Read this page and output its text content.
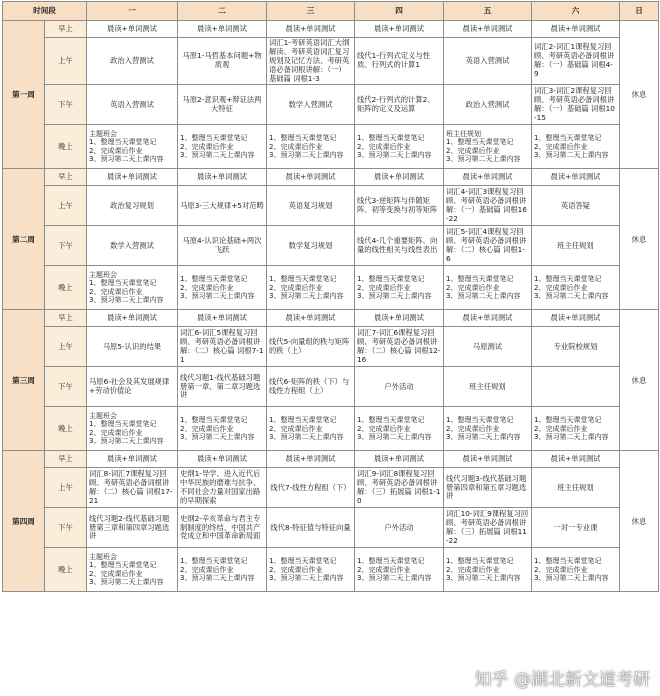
时间段		一	二	三	四	五	六	日
第一周	早上	晨读+单词测试	晨读+单词测试	晨读+单词测试	晨读+单词测试	晨读+单词测试	晨读+单词测试	休息
	上午	政治入营测试	马原1-马哲基本问题+物质观	词汇1-考研英语词汇大纲解读、考研英语词汇复习规划及记忆方法、考研英语必备词根讲解：（一）基础篇 词根1-3	线代1-行列式定义与性质、行列式的计算1	英语入营测试	词汇2-词汇1课程复习回顾、考研英语必备词根讲解：（一）基础篇 词根4-9	
	下午	英语入营测试	马原2-意识观+辩证法两大特征	数学入营测试	线代2-行列式的计算2、矩阵的定义及运算	政治入营测试	词汇3-词汇2课程复习回顾、考研英语必备词根讲解：（一）基础篇 词根10-15	
	晚上	主题班会
1、整理当天课堂笔记
2、完成课后作业
3、预习第二天上课内容	1、整理当天课堂笔记
2、完成课后作业
3、预习第二天上课内容	1、整理当天课堂笔记
2、完成课后作业
3、预习第二天上课内容	1、整理当天课堂笔记
2、完成课后作业
3、预习第二天上课内容	班主任规划
1、整理当天课堂笔记
2、完成课后作业
3、预习第二天上课内容	1、整理当天课堂笔记
2、完成课后作业
3、预习第二天上课内容	
第二周	早上	晨读+单词测试	晨读+单词测试	晨读+单词测试	晨读+单词测试	晨读+单词测试	晨读+单词测试	休息
	上午	政治复习规划	马原3-三大规律+5对范畴	英语复习规划	线代3-逆矩阵与伴随矩阵、初等变换与初等矩阵	词汇4-词汇3课程复习回顾、考研英语必备词根讲解：（一）基础篇 词根16-22	英语答疑	
	下午	数学入营测试	马原4-认识论基础+两次飞跃	数学复习规划	线代4-几个重要矩阵、向量的线性相关与线性表出	词汇5-词汇4课程复习回顾、考研英语必备词根讲解：（二）核心篇 词根1-6	班主任规划	
	晚上	主题班会
1、整理当天课堂笔记
2、完成课后作业
3、预习第二天上课内容	1、整理当天课堂笔记
2、完成课后作业
3、预习第二天上课内容	1、整理当天课堂笔记
2、完成课后作业
3、预习第二天上课内容	1、整理当天课堂笔记
2、完成课后作业
3、预习第二天上课内容	1、整理当天课堂笔记
2、完成课后作业
3、预习第二天上课内容	1、整理当天课堂笔记
2、完成课后作业
3、预习第二天上课内容	
第三周	早上	晨读+单词测试	晨读+单词测试	晨读+单词测试	晨读+单词测试	晨读+单词测试	晨读+单词测试	休息
	上午	马原5-认识的结果	词汇6-词汇5课程复习回顾、考研英语必备词根讲解：（二）核心篇 词根7-11	线代5-向量组的秩与矩阵的秩（上）	词汇7-词汇6课程复习回顾、考研英语必备词根讲解：（二）核心篇 词根12-16	马原测试	专业院校规划	
	下午	马原6-社会及其发展规律+劳动价值论	线代习题1-线代基础习题册第一章、第二章习题选讲	线代6-矩阵的秩（下）与线性方程组（上）	户外活动	班主任规划		
	晚上	主题班会
1、整理当天课堂笔记
2、完成课后作业
3、预习第二天上课内容	1、整理当天课堂笔记
2、完成课后作业
3、预习第二天上课内容	1、整理当天课堂笔记
2、完成课后作业
3、预习第二天上课内容	1、整理当天课堂笔记
2、完成课后作业
3、预习第二天上课内容	1、整理当天课堂笔记
2、完成课后作业
3、预习第二天上课内容	1、整理当天课堂笔记
2、完成课后作业
3、预习第二天上课内容	
第四周	早上	晨读+单词测试	晨读+单词测试	晨读+单词测试	晨读+单词测试	晨读+单词测试	晨读+单词测试	休息
	上午	词汇8-词汇7课程复习回顾、考研英语必备词根讲解：（二）核心篇 词根17-21	史纲1-导学、进入近代后中华民族的磨难与抗争、不同社会力量对国家出路的早期探索	线代7-线性方程组（下）	词汇9-词汇8课程复习回顾、考研英语必备词根讲解：（三）拓展篇 词根1-10	线代习题3-线代基础习题册第四章和第五章习题选讲	班主任规划	
	下午	线代习题2-线代基础习题册第三章和第四章习题选讲	史纲2-辛亥革命与君主专制制度的终结、中国共产党成立和中国革命新局面	线代8-特征值与特征向量	户外活动	词汇10-词汇9课程复习回顾、考研英语必备词根讲解：（三）拓展篇 词根11-22	一对一专业课	
	晚上	主题班会
1、整理当天课堂笔记
2、完成课后作业
3、预习第二天上课内容	1、整理当天课堂笔记
2、完成课后作业
3、预习第二天上课内容	1、整理当天课堂笔记
2、完成课后作业
3、预习第二天上课内容	1、整理当天课堂笔记
2、完成课后作业
3、预习第二天上课内容	1、整理当天课堂笔记
2、完成课后作业
3、预习第二天上课内容	1、整理当天课堂笔记
2、完成课后作业
3、预习第二天上课内容	
知乎 @湖北新文道考研
